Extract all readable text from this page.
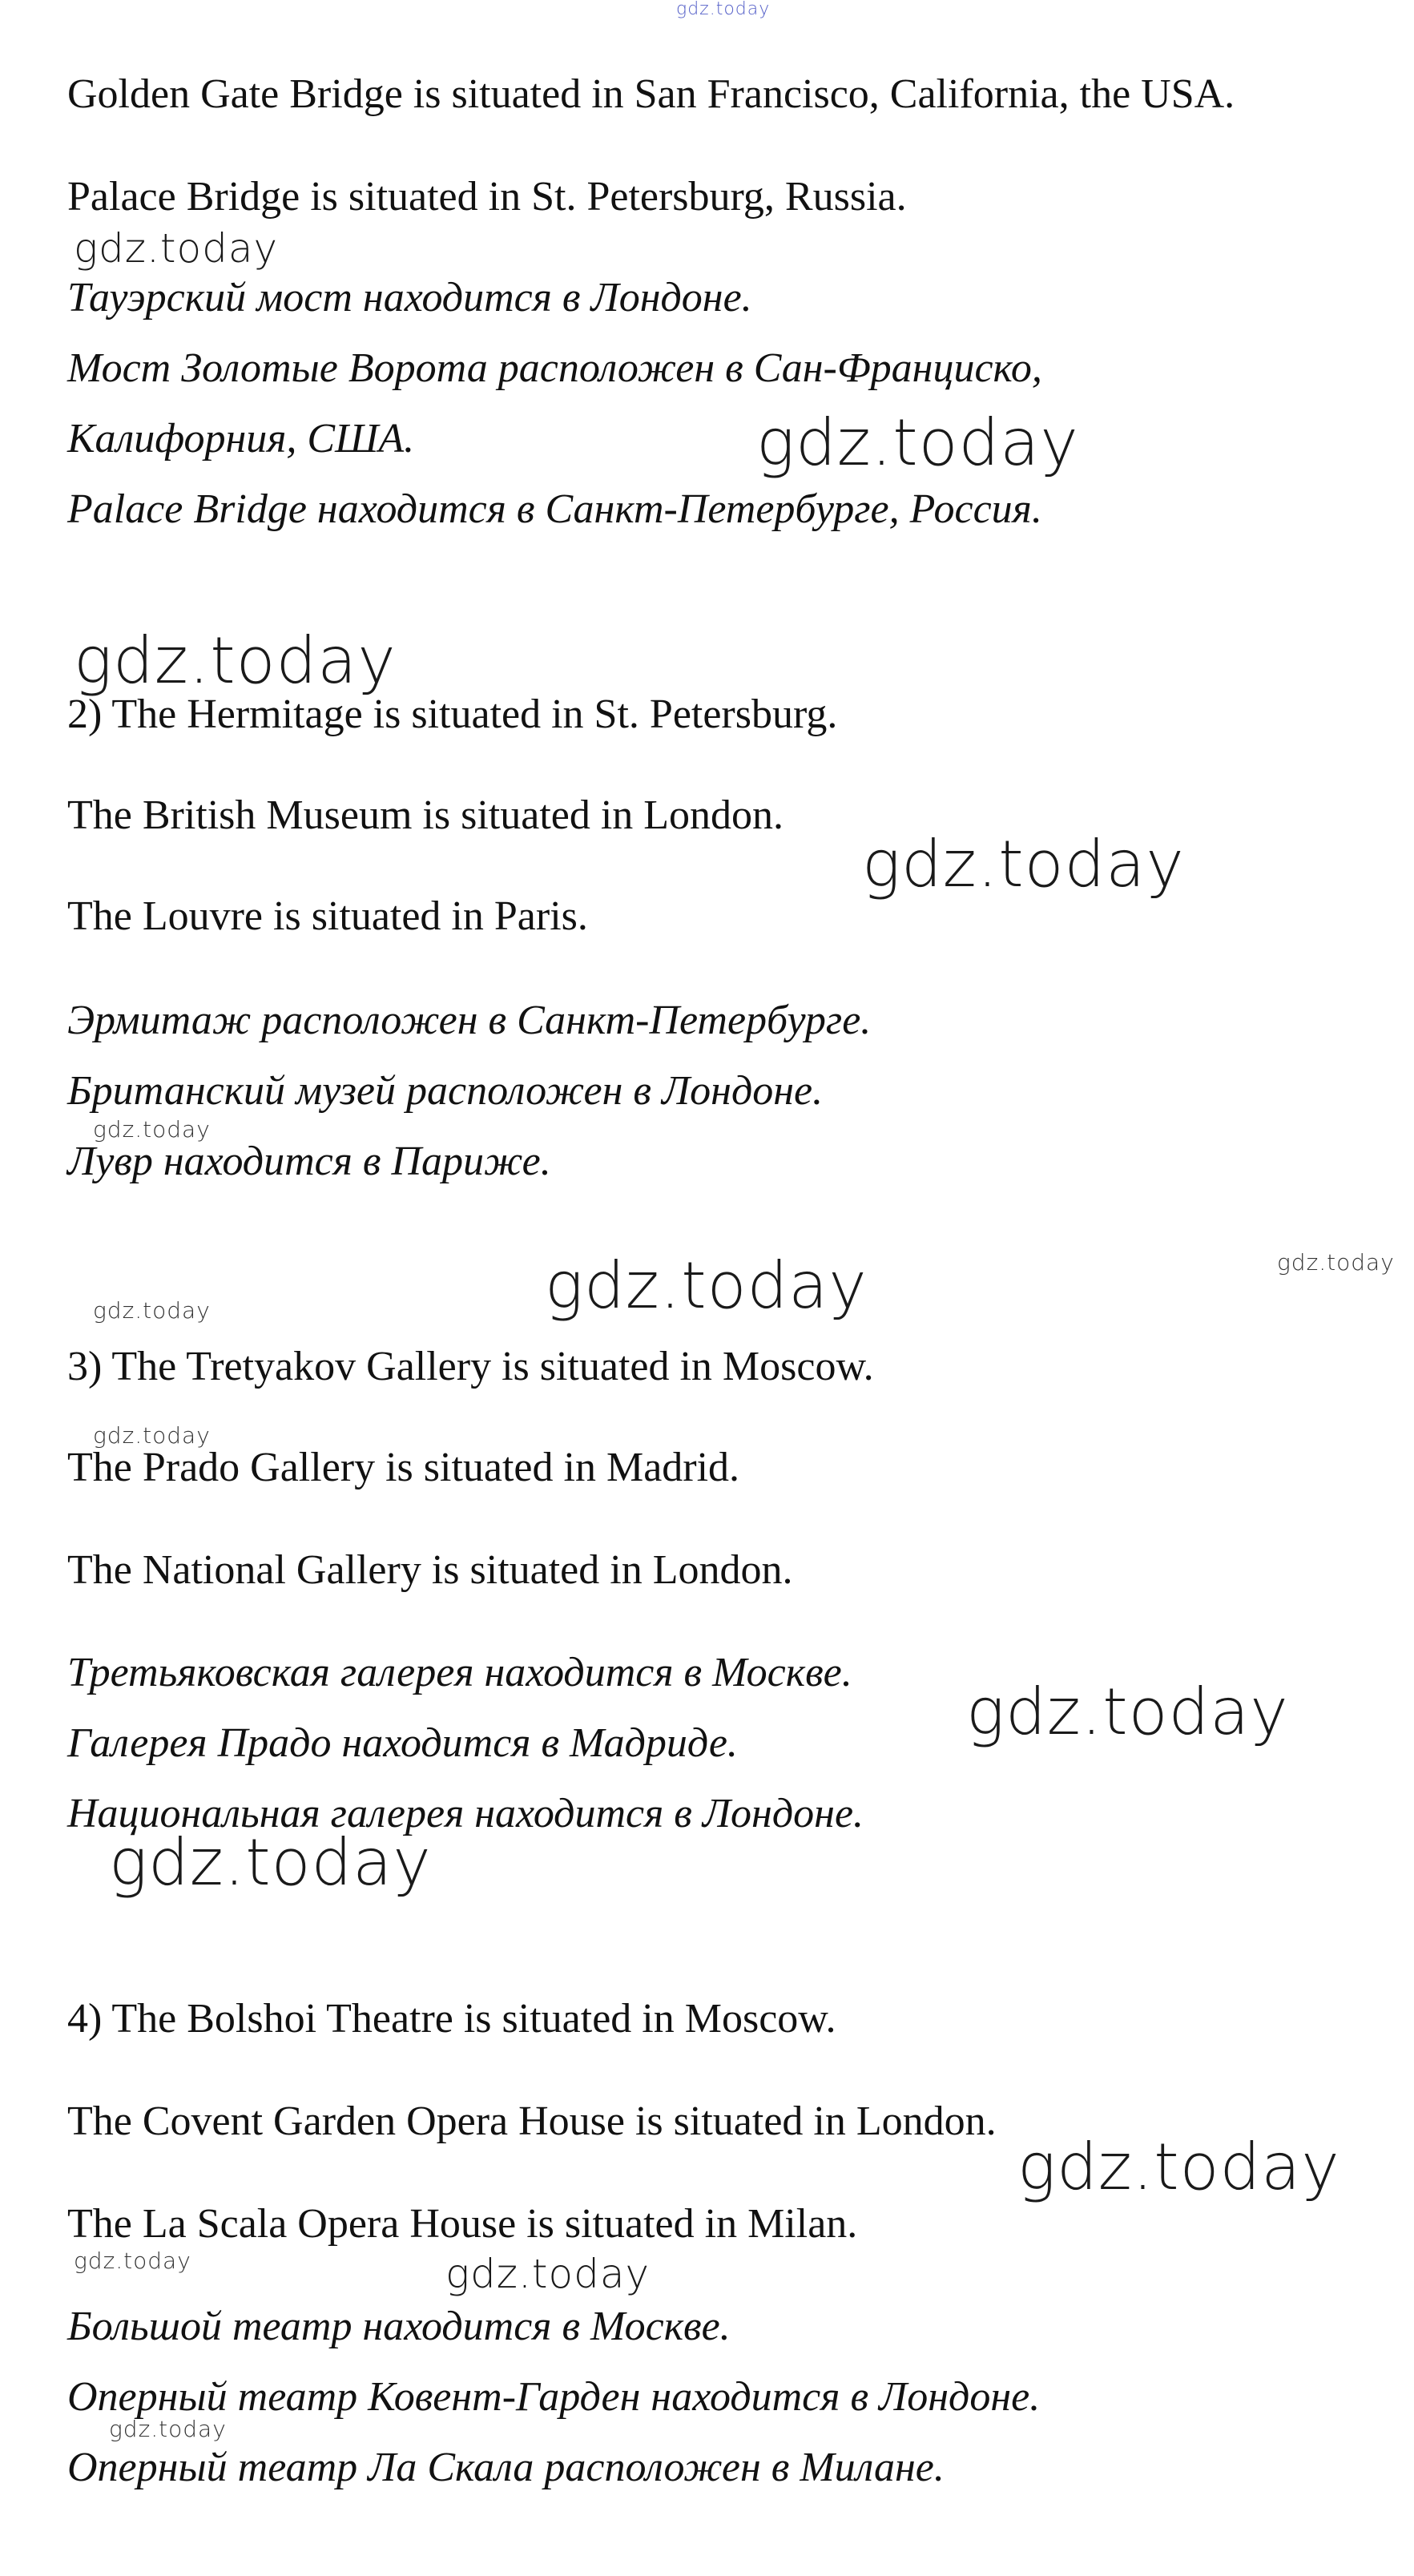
Golden Gate Bridge is situated in San Francisco, California, the USA.
Palace Bridge is situated in St. Petersburg, Russia.
Тауэрский мост находится в Лондоне.
Мост Золотые Ворота расположен в Сан-Франциско,
Калифорния, США.
Palace Bridge находится в Санкт-Петербурге, Россия.
2) The Hermitage is situated in St. Petersburg.
The British Museum is situated in London.
The Louvre is situated in Paris.
Эрмитаж расположен в Санкт-Петербурге.
Британский музей расположен в Лондоне.
Лувр находится в Париже.
3) The Tretyakov Gallery is situated in Moscow.
The Prado Gallery is situated in Madrid.
The National Gallery is situated in London.
Третьяковская галерея находится в Москве.
Галерея Прадо находится в Мадриде.
Национальная галерея находится в Лондоне.
4) The Bolshoi Theatre is situated in Moscow.
The Covent Garden Opera House is situated in London.
The La Scala Opera House is situated in Milan.
Большой театр находится в Москве.
Оперный театр Ковент-Гарден находится в Лондоне.
Оперный театр Ла Скала расположен в Милане.
gdz.today
gdz.today
gdz.today
gdz.today
gdz.today
gdz.today
gdz.today	gdz.today
gdz.today
gdz.today
gdz.today
gdz.today
gdz.today
gdz.today	gdz.today
gdz.today
